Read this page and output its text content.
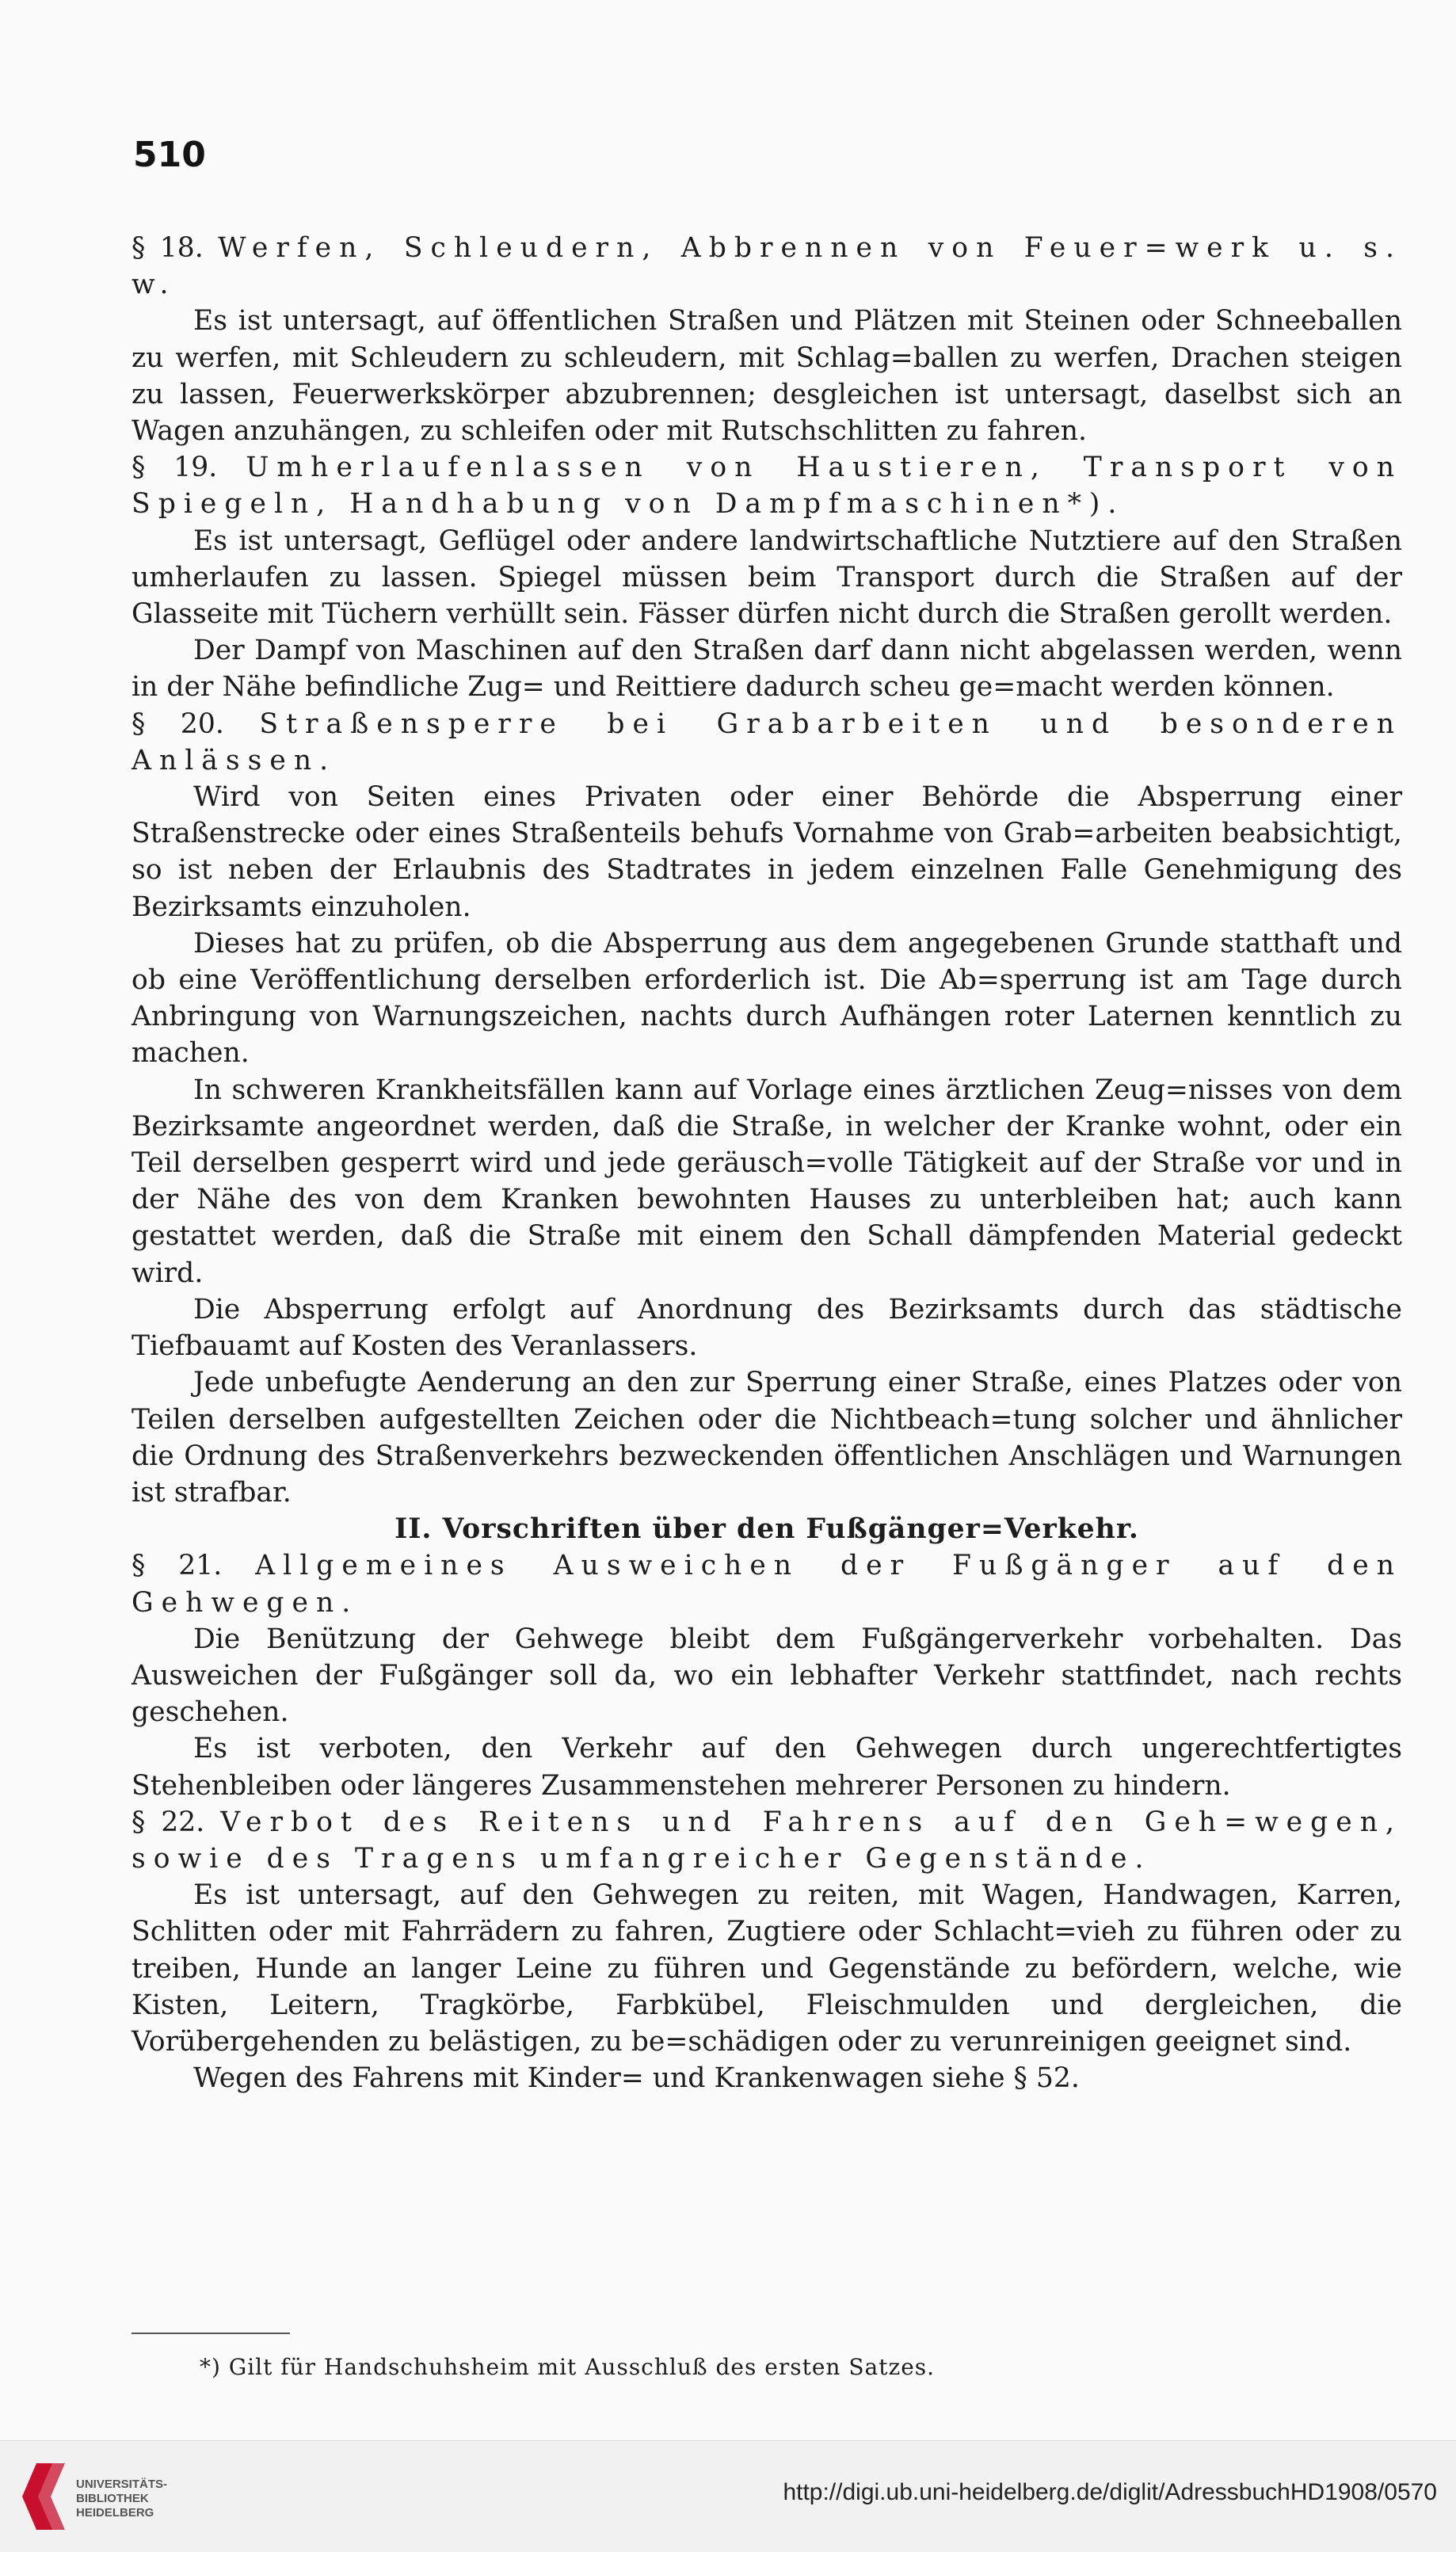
510

§ 18. Werfen, Schleudern, Abbrennen von Feuer=werk u. s. w.

Es ist untersagt, auf öffentlichen Straßen und Plätzen mit Steinen oder Schneeballen zu werfen, mit Schleudern zu schleudern, mit Schlag=ballen zu werfen, Drachen steigen zu lassen, Feuerwerkskörper abzubrennen; desgleichen ist untersagt, daselbst sich an Wagen anzuhängen, zu schleifen oder mit Rutschschlitten zu fahren.

§ 19. Umherlaufenlassen von Haustieren, Transport von Spiegeln, Handhabung von Dampfmaschinen*).

Es ist untersagt, Geflügel oder andere landwirtschaftliche Nutztiere auf den Straßen umherlaufen zu lassen. Spiegel müssen beim Transport durch die Straßen auf der Glasseite mit Tüchern verhüllt sein. Fässer dürfen nicht durch die Straßen gerollt werden.

Der Dampf von Maschinen auf den Straßen darf dann nicht abgelassen werden, wenn in der Nähe befindliche Zug= und Reittiere dadurch scheu ge=macht werden können.

§ 20. Straßensperre bei Grabarbeiten und besonderen Anlässen.

Wird von Seiten eines Privaten oder einer Behörde die Absperrung einer Straßenstrecke oder eines Straßenteils behufs Vornahme von Grab=arbeiten beabsichtigt, so ist neben der Erlaubnis des Stadtrates in jedem einzelnen Falle Genehmigung des Bezirksamts einzuholen.

Dieses hat zu prüfen, ob die Absperrung aus dem angegebenen Grunde statthaft und ob eine Veröffentlichung derselben erforderlich ist. Die Ab=sperrung ist am Tage durch Anbringung von Warnungszeichen, nachts durch Aufhängen roter Laternen kenntlich zu machen.

In schweren Krankheitsfällen kann auf Vorlage eines ärztlichen Zeug=nisses von dem Bezirksamte angeordnet werden, daß die Straße, in welcher der Kranke wohnt, oder ein Teil derselben gesperrt wird und jede geräusch=volle Tätigkeit auf der Straße vor und in der Nähe des von dem Kranken bewohnten Hauses zu unterbleiben hat; auch kann gestattet werden, daß die Straße mit einem den Schall dämpfenden Material gedeckt wird.

Die Absperrung erfolgt auf Anordnung des Bezirksamts durch das städtische Tiefbauamt auf Kosten des Veranlassers.

Jede unbefugte Aenderung an den zur Sperrung einer Straße, eines Platzes oder von Teilen derselben aufgestellten Zeichen oder die Nichtbeach=tung solcher und ähnlicher die Ordnung des Straßenverkehrs bezweckenden öffentlichen Anschlägen und Warnungen ist strafbar.

II. Vorschriften über den Fußgänger=Verkehr.

§ 21. Allgemeines Ausweichen der Fußgänger auf den Gehwegen.

Die Benützung der Gehwege bleibt dem Fußgängerverkehr vorbehalten. Das Ausweichen der Fußgänger soll da, wo ein lebhafter Verkehr stattfindet, nach rechts geschehen.

Es ist verboten, den Verkehr auf den Gehwegen durch ungerechtfertigtes Stehenbleiben oder längeres Zusammenstehen mehrerer Personen zu hindern.

§ 22. Verbot des Reitens und Fahrens auf den Geh=wegen, sowie des Tragens umfangreicher Gegenstände.

Es ist untersagt, auf den Gehwegen zu reiten, mit Wagen, Handwagen, Karren, Schlitten oder mit Fahrrädern zu fahren, Zugtiere oder Schlacht=vieh zu führen oder zu treiben, Hunde an langer Leine zu führen und Gegenstände zu befördern, welche, wie Kisten, Leitern, Tragkörbe, Farbkübel, Fleischmulden und dergleichen, die Vorübergehenden zu belästigen, zu be=schädigen oder zu verunreinigen geeignet sind.

Wegen des Fahrens mit Kinder= und Krankenwagen siehe § 52.

*) Gilt für Handschuhsheim mit Ausschluß des ersten Satzes.
UNIVERSITÄTS-
BIBLIOTHEK
HEIDELBERG
http://digi.ub.uni-heidelberg.de/diglit/AdressbuchHD1908/0570
